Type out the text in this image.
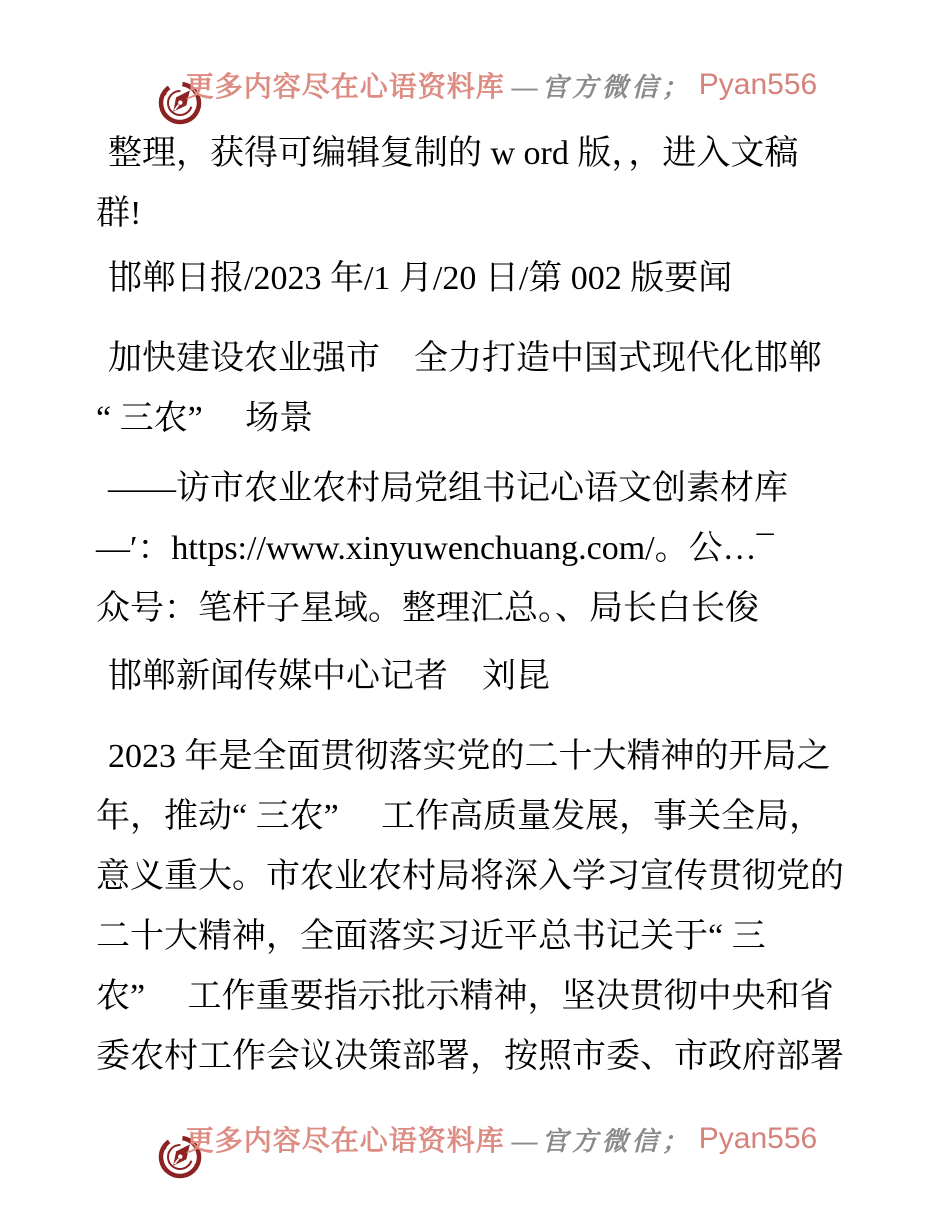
更多内容尽在心语资料库 —官方微信； Pyan556
整理，获得可编辑复制的 w ord 版，，进入文稿
群!
邯郸日报/2023 年/1 月/20 日/第 002 版要闻
加快建设农业强市　全力打造中国式现代化邯郸
“ 三农”　 场景
——访市农业农村局党组书记心语文创素材库
—′：https://www.xinyuwenchuang.com/。公…¯
众号：笔杆子星域。整理汇总。、局长白长俊
邯郸新闻传媒中心记者　刘昆
2023 年是全面贯彻落实党的二十大精神的开局之
年，推动“ 三农”　 工作高质量发展，事关全局，
意义重大。市农业农村局将深入学习宣传贯彻党的
二十大精神，全面落实习近平总书记关于“ 三
农”　 工作重要指示批示精神，坚决贯彻中央和省
委农村工作会议决策部署，按照市委、市政府部署

更多内容尽在心语资料库 —官方微信； Pyan556
